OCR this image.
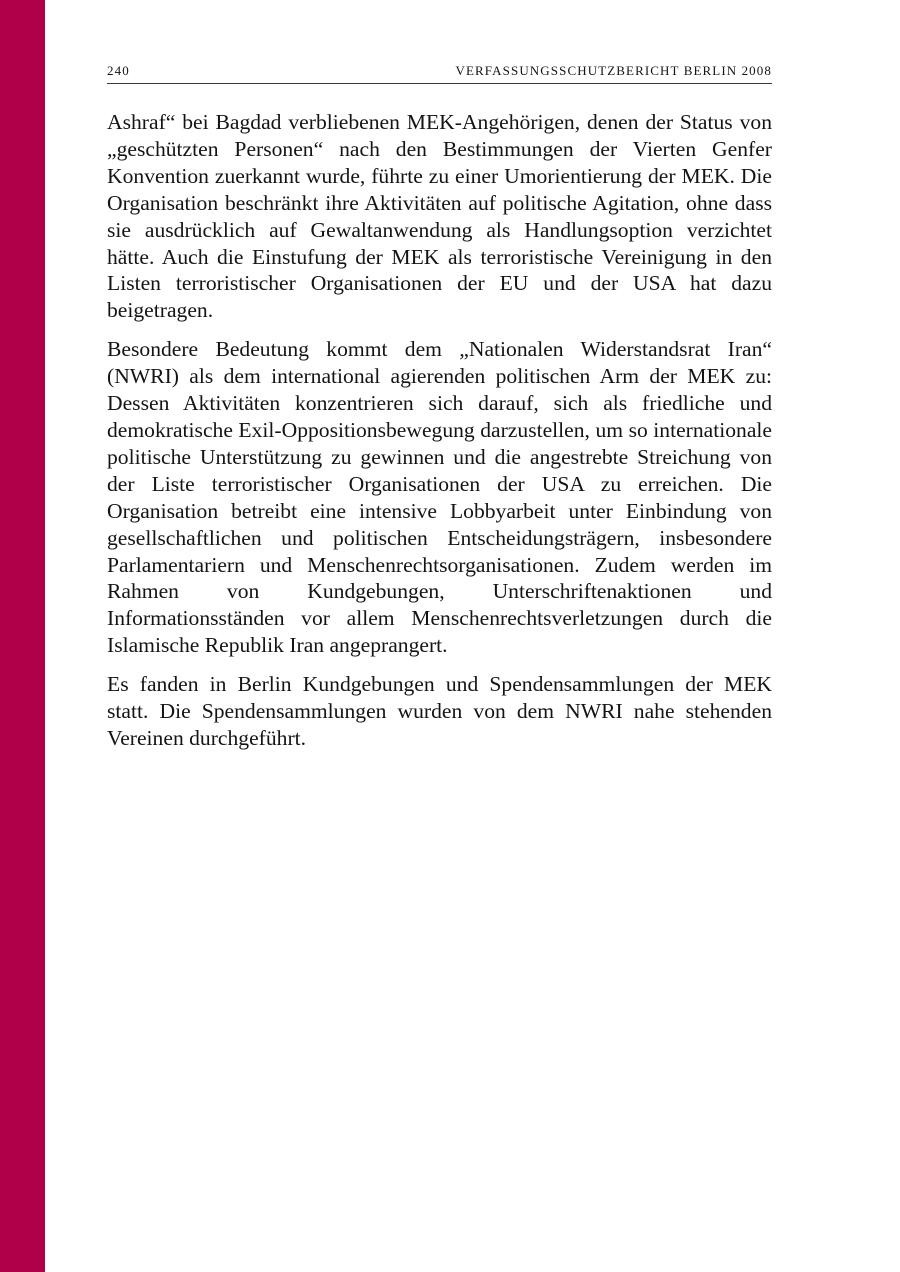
240	VERFASSUNGSSCHUTZBERICHT BERLIN 2008

Ashraf“ bei Bagdad verbliebenen MEK-Angehörigen, denen der Status von „geschützten Personen“ nach den Bestimmungen der Vierten Genfer Konvention zuerkannt wurde, führte zu einer Umorientierung der MEK. Die Organisation beschränkt ihre Aktivitäten auf politische Agitation, ohne dass sie ausdrücklich auf Gewaltanwendung als Handlungsoption verzichtet hätte. Auch die Einstufung der MEK als terroristische Vereinigung in den Listen terroristischer Organisationen der EU und der USA hat dazu beigetragen.

Besondere Bedeutung kommt dem „Nationalen Widerstandsrat Iran“ (NWRI) als dem international agierenden politischen Arm der MEK zu: Dessen Aktivitäten konzentrieren sich darauf, sich als friedliche und demokratische Exil-Oppositionsbewegung darzustellen, um so internationale politische Unterstützung zu gewinnen und die angestrebte Streichung von der Liste terroristischer Organisationen der USA zu erreichen. Die Organisation betreibt eine intensive Lobbyarbeit unter Einbindung von gesellschaftlichen und politischen Entscheidungsträgern, insbesondere Parlamentariern und Menschenrechtsorganisationen. Zudem werden im Rahmen von Kundgebungen, Unterschriftenaktionen und Informationsständen vor allem Menschenrechtsverletzungen durch die Islamische Republik Iran angeprangert.

Es fanden in Berlin Kundgebungen und Spendensammlungen der MEK statt. Die Spendensammlungen wurden von dem NWRI nahe stehenden Vereinen durchgeführt.
